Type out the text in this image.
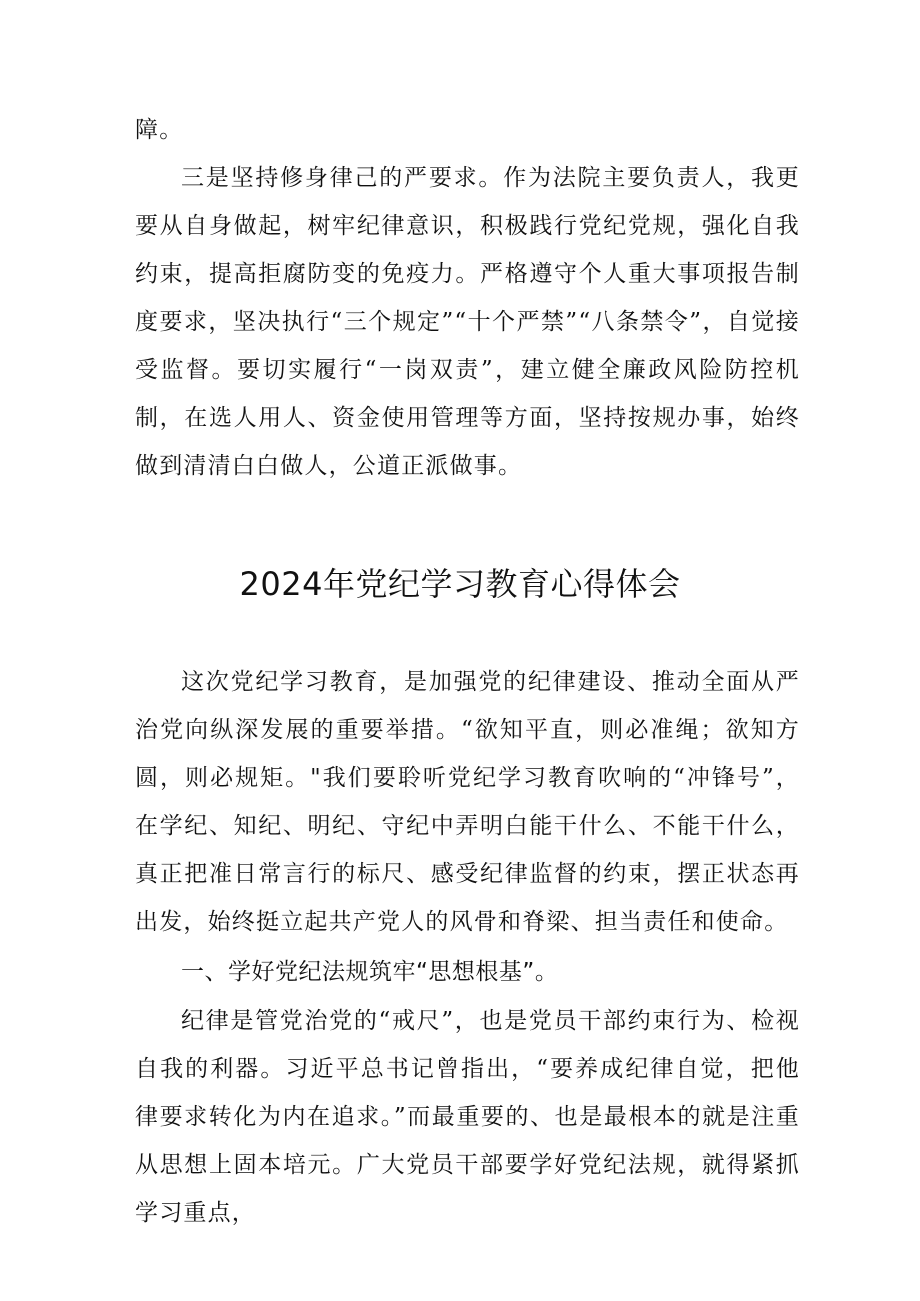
障。

三是坚持修身律己的严要求。作为法院主要负责人，我更要从自身做起，树牢纪律意识，积极践行党纪党规，强化自我约束，提高拒腐防变的免疫力。严格遵守个人重大事项报告制度要求，坚决执行“三个规定”“十个严禁”“八条禁令”，自觉接受监督。要切实履行“一岗双责”，建立健全廉政风险防控机制，在选人用人、资金使用管理等方面，坚持按规办事，始终做到清清白白做人，公道正派做事。

2024年党纪学习教育心得体会

这次党纪学习教育，是加强党的纪律建设、推动全面从严治党向纵深发展的重要举措。“欲知平直，则必准绳；欲知方圆，则必规矩。"我们要聆听党纪学习教育吹响的“冲锋号”，在学纪、知纪、明纪、守纪中弄明白能干什么、不能干什么，真正把准日常言行的标尺、感受纪律监督的约束，摆正状态再出发，始终挺立起共产党人的风骨和脊梁、担当责任和使命。

一、学好党纪法规筑牢“思想根基”。

纪律是管党治党的“戒尺”，也是党员干部约束行为、检视自我的利器。习近平总书记曾指出，“要养成纪律自觉，把他律要求转化为内在追求。”而最重要的、也是最根本的就是注重从思想上固本培元。广大党员干部要学好党纪法规，就得紧抓学习重点，
